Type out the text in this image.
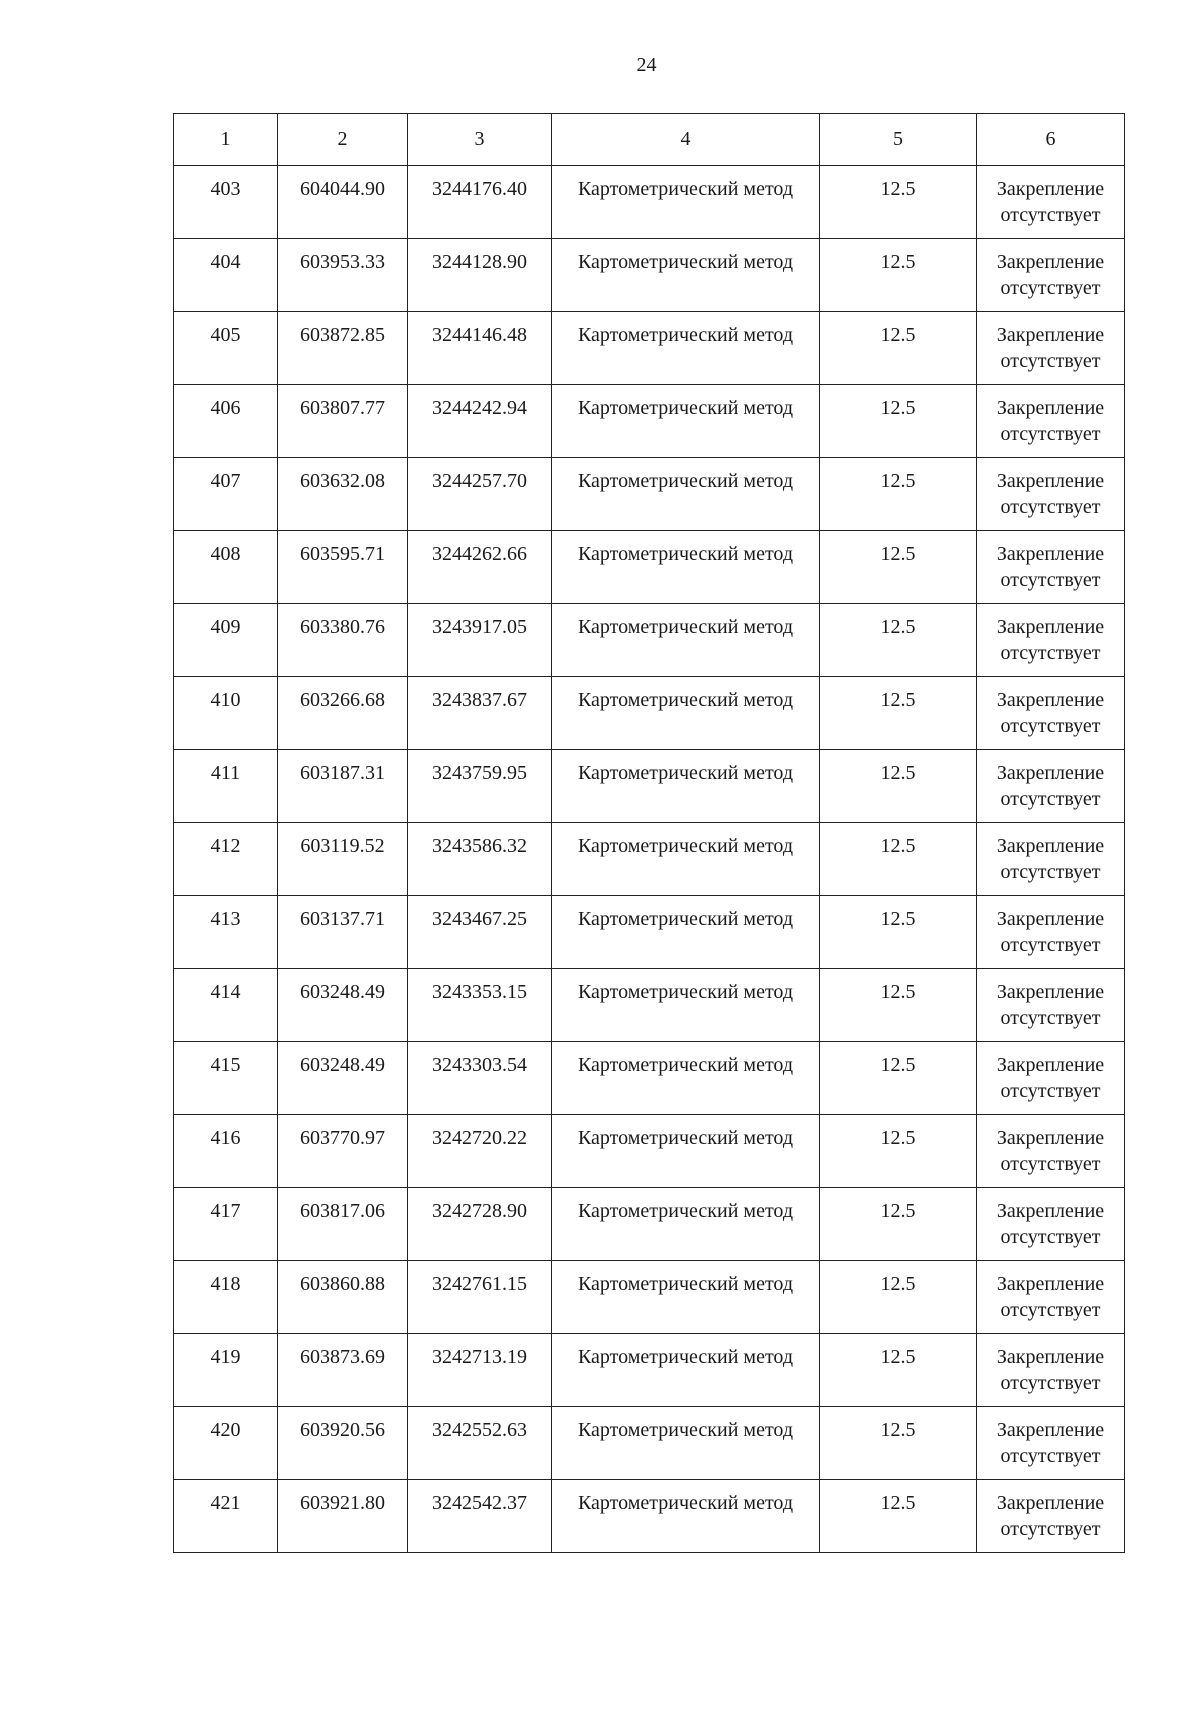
24
1	2	3	4	5	6
403	604044.90	3244176.40	Картометрический метод	12.5	Закрепление
отсутствует

404	603953.33	3244128.90	Картометрический метод	12.5	Закрепление
отсутствует

405	603872.85	3244146.48	Картометрический метод	12.5	Закрепление
отсутствует

406	603807.77	3244242.94	Картометрический метод	12.5	Закрепление
отсутствует

407	603632.08	3244257.70	Картометрический метод	12.5	Закрепление
отсутствует

408	603595.71	3244262.66	Картометрический метод	12.5	Закрепление
отсутствует

409	603380.76	3243917.05	Картометрический метод	12.5	Закрепление
отсутствует

410	603266.68	3243837.67	Картометрический метод	12.5	Закрепление
отсутствует

411	603187.31	3243759.95	Картометрический метод	12.5	Закрепление
отсутствует

412	603119.52	3243586.32	Картометрический метод	12.5	Закрепление
отсутствует

413	603137.71	3243467.25	Картометрический метод	12.5	Закрепление
отсутствует

414	603248.49	3243353.15	Картометрический метод	12.5	Закрепление
отсутствует

415	603248.49	3243303.54	Картометрический метод	12.5	Закрепление
отсутствует

416	603770.97	3242720.22	Картометрический метод	12.5	Закрепление
отсутствует

417	603817.06	3242728.90	Картометрический метод	12.5	Закрепление
отсутствует

418	603860.88	3242761.15	Картометрический метод	12.5	Закрепление
отсутствует

419	603873.69	3242713.19	Картометрический метод	12.5	Закрепление
отсутствует

420	603920.56	3242552.63	Картометрический метод	12.5	Закрепление
отсутствует

421	603921.80	3242542.37	Картометрический метод	12.5	Закрепление
отсутствует
